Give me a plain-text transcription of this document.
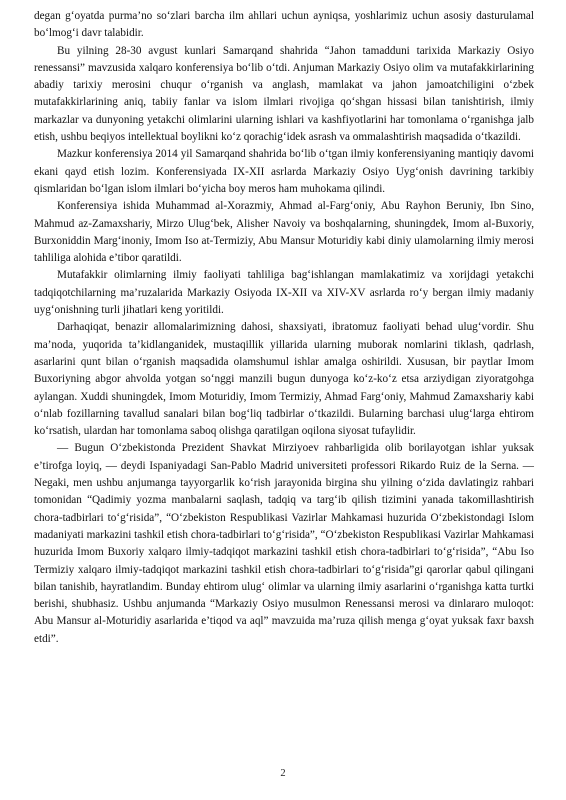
degan g‘oyatda purma’no so‘zlari barcha ilm ahllari uchun ayniqsa, yoshlarimiz uchun asosiy dasturulamal bo‘lmog‘i davr talabidir.

Bu yilning 28-30 avgust kunlari Samarqand shahrida “Jahon tamadduni tarixida Markaziy Osiyo renessansi” mavzusida xalqaro konferensiya bo‘lib o‘tdi. Anjuman Markaziy Osiyo olim va mutafakkirlarining abadiy tarixiy merosini chuqur o‘rganish va anglash, mamlakat va jahon jamoatchiligini o‘zbek mutafakkirlarining aniq, tabiiy fanlar va islom ilmlari rivojiga qo‘shgan hissasi bilan tanishtirish, ilmiy markazlar va dunyoning yetakchi olimlarini ularning ishlari va kashfiyotlarini har tomonlama o‘rganishga jalb etish, ushbu beqiyos intellektual boylikni ko‘z qorachig‘idek asrash va ommalashtirish maqsadida o‘tkazildi.

Mazkur konferensiya 2014 yil Samarqand shahrida bo‘lib o‘tgan ilmiy konferensiyaning mantiqiy davomi ekani qayd etish lozim. Konferensiyada IX-XII asrlarda Markaziy Osiyo Uyg‘onish davrining tarkibiy qismlaridan bo‘lgan islom ilmlari bo‘yicha boy meros ham muhokama qilindi.

Konferensiya ishida Muhammad al-Xorazmiy, Ahmad al-Farg‘oniy, Abu Rayhon Beruniy, Ibn Sino, Mahmud az-Zamaxshariy, Mirzo Ulug‘bek, Alisher Navoiy va boshqalarning, shuningdek, Imom al-Buxoriy, Burxoniddin Marg‘inoniy, Imom Iso at-Termiziy, Abu Mansur Moturidiy kabi diniy ulamolarning ilmiy merosi tahliliga alohida e’tibor qaratildi.

Mutafakkir olimlarning ilmiy faoliyati tahliliga bag‘ishlangan mamlakatimiz va xorijdagi yetakchi tadqiqotchilarning ma’ruzalarida Markaziy Osiyoda IX-XII va XIV-XV asrlarda ro‘y bergan ilmiy madaniy uyg‘onishning turli jihatlari keng yoritildi.

Darhaqiqat, benazir allomalarimizning dahosi, shaxsiyati, ibratomuz faoliyati behad ulug‘vordir. Shu ma’noda, yuqorida ta’kidlanganidek, mustaqillik yillarida ularning muborak nomlarini tiklash, qadrlash, asarlarini qunt bilan o‘rganish maqsadida olamshumul ishlar amalga oshirildi. Xususan, bir paytlar Imom Buxoriyning abgor ahvolda yotgan so‘nggi manzili bugun dunyoga ko‘z-ko‘z etsa arziydigan ziyoratgohga aylangan. Xuddi shuningdek, Imom Moturidiy, Imom Termiziy, Ahmad Farg‘oniy, Mahmud Zamaxshariy kabi o‘nlab fozillarning tavallud sanalari bilan bog‘liq tadbirlar o‘tkazildi. Bularning barchasi ulug‘larga ehtirom ko‘rsatish, ulardan har tomonlama saboq olishga qaratilgan oqilona siyosat tufaylidir.

— Bugun O‘zbekistonda Prezident Shavkat Mirziyoev rahbarligida olib borilayotgan ishlar yuksak e’tirofga loyiq, — deydi Ispaniyadagi San-Pablo Madrid universiteti professori Rikardo Ruiz de la Serna. — Negaki, men ushbu anjumanga tayyorgarlik ko‘rish jarayonida birgina shu yilning o‘zida davlatingiz rahbari tomonidan “Qadimiy yozma manbalarni saqlash, tadqiq va targ‘ib qilish tizimini yanada takomillashtirish chora-tadbirlari to‘g‘risida”, “O‘zbekiston Respublikasi Vazirlar Mahkamasi huzurida O‘zbekistondagi Islom madaniyati markazini tashkil etish chora-tadbirlari to‘g‘risida”, “O‘zbekiston Respublikasi Vazirlar Mahkamasi huzurida Imom Buxoriy xalqaro ilmiy-tadqiqot markazini tashkil etish chora-tadbirlari to‘g‘risida”, “Abu Iso Termiziy xalqaro ilmiy-tadqiqot markazini tashkil etish chora-tadbirlari to‘g‘risida”gi qarorlar qabul qilingani bilan tanishib, hayratlandim. Bunday ehtirom ulug‘ olimlar va ularning ilmiy asarlarini o‘rganishga katta turtki berishi, shubhasiz. Ushbu anjumanda “Markaziy Osiyo musulmon Renessansi merosi va dinlararo muloqot: Abu Mansur al-Moturidiy asarlarida e’tiqod va aql” mavzuida ma’ruza qilish menga g‘oyat yuksak faxr baxsh etdi”.

2
